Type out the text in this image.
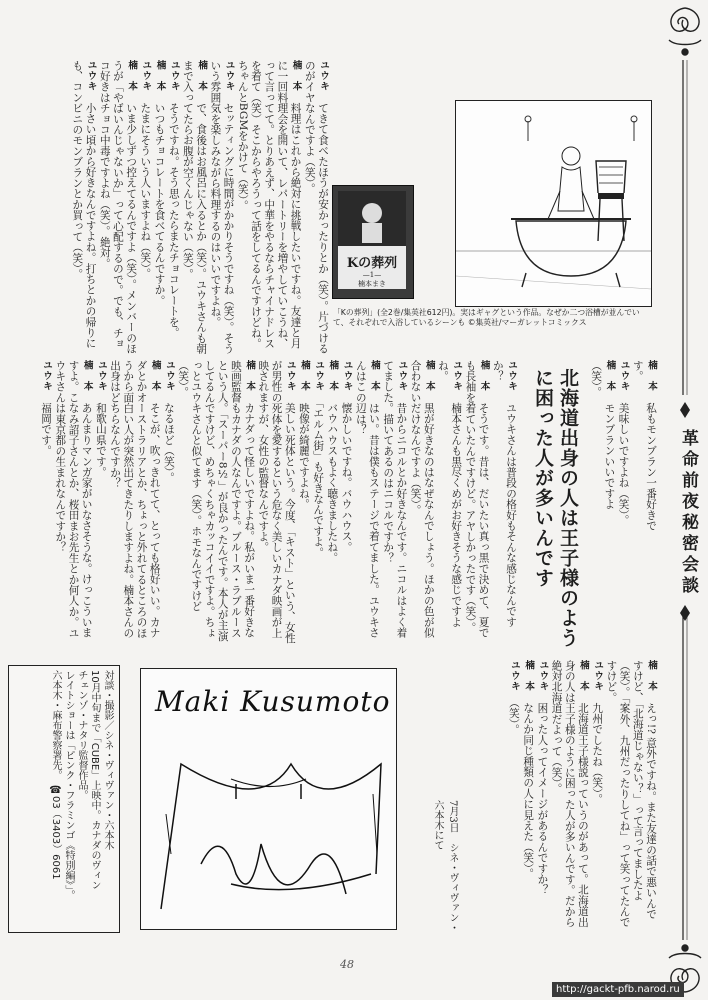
革命前夜秘密会談

ユウキ　てきて食べたほうが安かったりとか（笑）。片づけるのがイヤなんですよ（笑）。

楠　本　料理はこれから絶対に挑戦したいですね。友達と月に一回料理会を開いて、レパートリーを増やしていこうね、って言ってて。とりあえず、中華をやるならチャイナドレスを着て（笑）そこからやろうって話をしてるんですけどね。ちゃんとBGMをかけて（笑）。

ユウキ　セッティングに時間がかかりそうですね（笑）。そういう雰囲気を楽しみながら料理するのはいいですよね。

楠　本　で、食後はお風呂に入るとか（笑）。ユウキさんも朝まで入ってたらお腹が空くんじゃない（笑）。

ユウキ　そうですね。そう思ったらまたチョコレートを。

楠　本　いつもチョコレートを食べてるんですか。

ユウキ　たまにそういう人いますよね（笑）。

楠　本　いま少しずつ控えてるんですよ（笑）。メンバーのほうが「やばいんじゃないか」って心配するので。でも、チョコ好きはチョコ中毒ですよね（笑）。絶対。

ユウキ　小さい頃から好きなんですよね。打ちとかの帰りにも、コンビニのモンブランとか買って（笑）。	Kの葬列
—1—
楠本まき
「Kの葬列」(全2巻/集英社612円)。実はギャグという作品。なぜか二つ浴槽が並んでいて、それぞれで入浴しているシーンも ©集英社/マーガレットコミックス

楠　本　私もモンブラン一番好きです。

ユウキ　美味しいですよね（笑）。

楠　本　モンブランいいですよ（笑）。

北海道出身の人は王子様のように困った人が多いんです

ユウキ　ユウキさんは普段の格好もそんな感じなんですか？

楠　本　そうです。昔は、だいたい真っ黒で決めて、夏でも長袖を着ていたんですけど。アヤしかったです（笑）。

ユウキ　楠本さんも黒尽くめがお好きそうな感じですよね。

楠　本　黒が好きなのはなぜなんでしょう。ほかの色が似合わないだけなんですよ（笑）。

ユウキ　昔からニコルとか好きなんです。ニコルはよく着てました。描いてあるのはニコルですか？

楠　本　はい。昔は僕もステージで着てました。ユウキさんはこの辺は？

ユウキ　懐かしいですね。バウハウス。

楠　本　バウハウスもよく聴きましたね。

ユウキ　「エルム街」も好きなんですよ。

楠　本　映像が綺麗ですよね。

ユウキ　美しい死体という。今度、「キスト」という、女性が男性の死体を愛するという危なく美しいカナダ映画が上映されますが、女性の監督なんですよ。

楠　本　カナダって怪しいですよね。私がいま一番好きな映画監督もカナダの人なんですよ。ブルース・ラブルースという人。「スーパー8½」が良かったんです。本人が主演してるんですけど、めちゃくちゃカッコイイですよ。ちょっとユウキさんと似てます（笑）。ホモなんですけど（笑）。

ユウキ　なるほど（笑）。

楠　本　そこが、吹っきれてて、とっても格好いい。カナダとかオーストラリアとか、ちょっと外れてるところのほうから面白い人が突然出てきたりしますよね。楠本さんの出身はどちらなんですか？

ユウキ　和歌山県です。

楠　本　あんまりマンガ家がいなさそうな。けっこういますよ。こなみ詔子さんとか、桜田まお先生とか何人か。ユウキさんは東京都の生まれなんですか？

ユウキ　福岡です。

楠　本　えっ!? 意外ですね。また友達の話で悪いんですけど、「北海道じゃない？」って言ってましたよ（笑）。「案外、九州だったりしてね」って笑ってたんですけど。

ユウキ　九州でしたね（笑）。

楠　本　北海道王子様説っていうのがあって。北海道出身の人は王子様のように困った人が多いんです。だから絶対北海道だよって（笑）。

ユウキ　困った人ってイメージがあるんですか？

楠　本　なんか同じ種類の人に見えた（笑）。

ユウキ　（笑）。

Maki Kusumoto
7月3日　シネ・ヴィヴァン・六本木にて
対談・撮影／シネ・ヴィヴァン・六本木
10月中旬まで「CUBE」上映中。カナダのヴィン
チェンゾ・ナタリ監督作品。
レイトショーは「ピンク・フラミンゴ《特別編》」。
六本木・麻布警察署先。　☎03（3403）6061
48
http://gackt-pfb.narod.ru
